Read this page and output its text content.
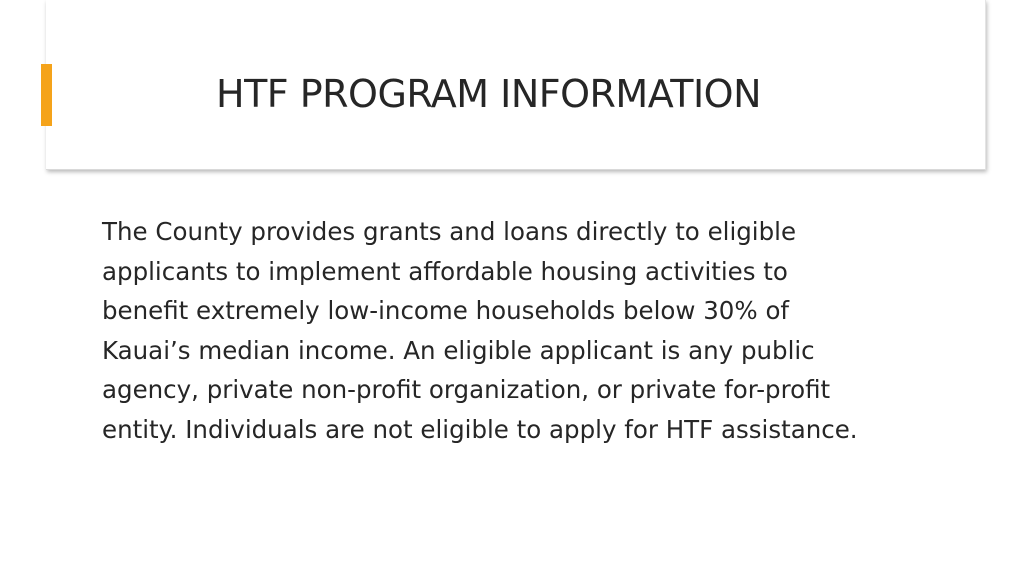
HTF PROGRAM INFORMATION

The County provides grants and loans directly to eligible
applicants to implement affordable housing activities to
benefit extremely low-income households below 30% of
Kauai’s median income. An eligible applicant is any public
agency, private non-profit organization, or private for-profit
entity. Individuals are not eligible to apply for HTF assistance.
